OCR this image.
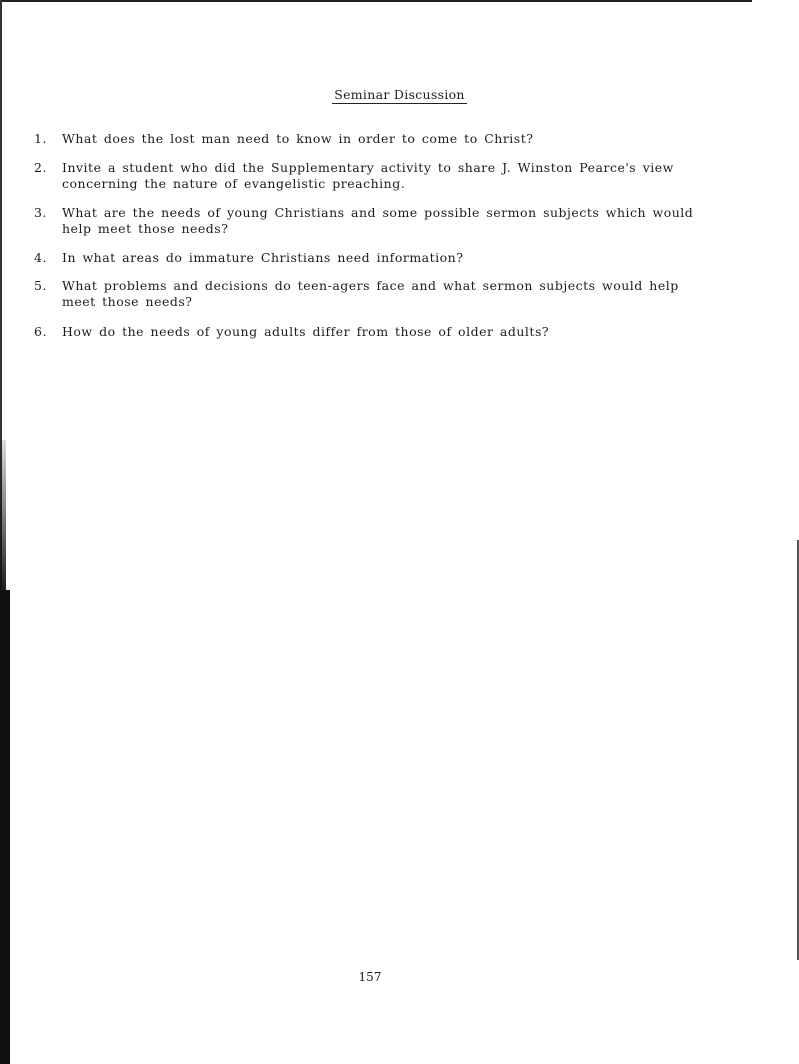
Seminar Discussion
1.	What does the lost man need to know in order to come to Christ?
2.	Invite a student who did the Supplementary activity to share J. Winston Pearce's view concerning the nature of evangelistic preaching.
3.	What are the needs of young Christians and some possible sermon subjects which would help meet those needs?
4.	In what areas do immature Christians need information?
5.	What problems and decisions do teen-agers face and what sermon subjects would help meet those needs?
6.	How do the needs of young adults differ from those of older adults?
157
